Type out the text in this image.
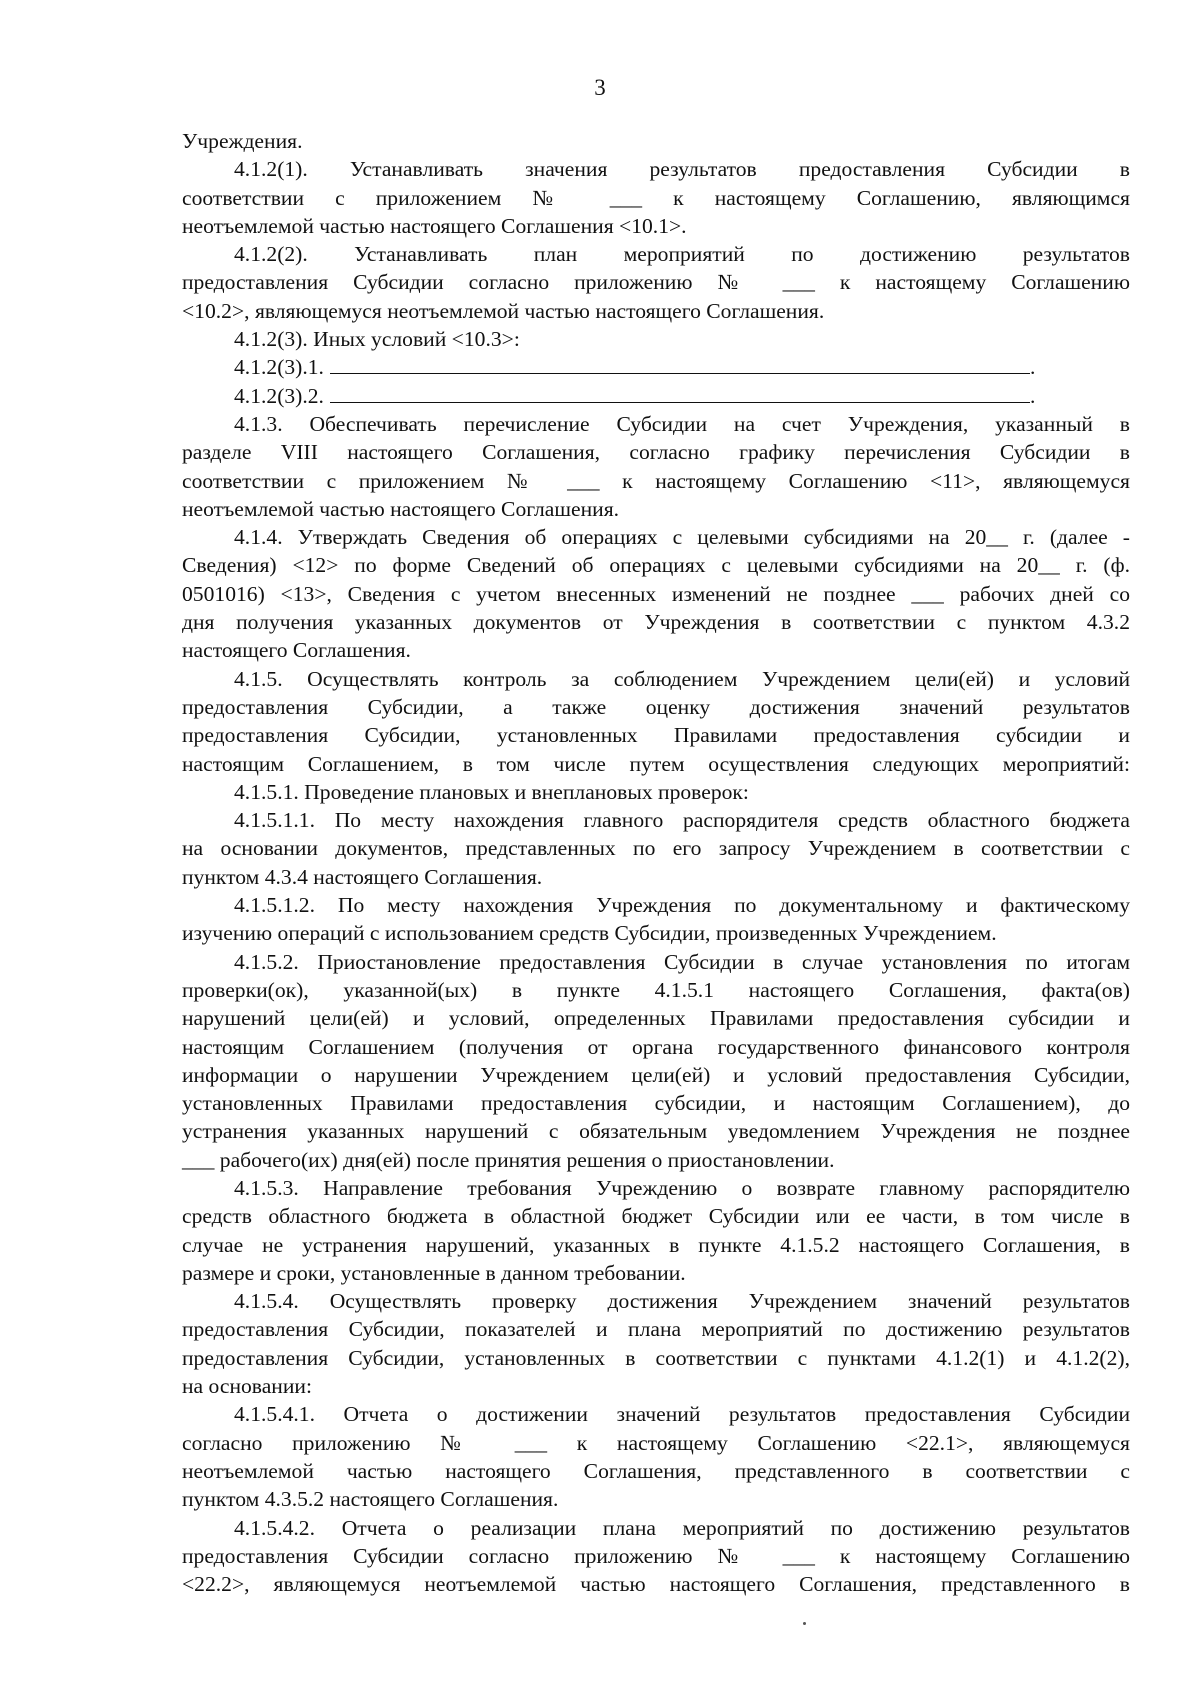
3
Учреждения.
4.1.2(1). Устанавливать значения результатов предоставления Субсидии в
соответствии с приложением № ___ к настоящему Соглашению, являющимся
неотъемлемой частью настоящего Соглашения <10.1>.
4.1.2(2). Устанавливать план мероприятий по достижению результатов
предоставления Субсидии согласно приложению № ___ к настоящему Соглашению
<10.2>, являющемуся неотъемлемой частью настоящего Соглашения.
4.1.2(3). Иных условий <10.3>:
4.1.2(3).1.	.
4.1.2(3).2.	.
4.1.3. Обеспечивать перечисление Субсидии на счет Учреждения, указанный в
разделе VIII настоящего Соглашения, согласно графику перечисления Субсидии в
соответствии с приложением № ___ к настоящему Соглашению <11>, являющемуся
неотъемлемой частью настоящего Соглашения.
4.1.4. Утверждать Сведения об операциях с целевыми субсидиями на 20__ г. (далее -
Сведения) <12> по форме Сведений об операциях с целевыми субсидиями на 20__ г. (ф.
0501016) <13>, Сведения с учетом внесенных изменений не позднее ___ рабочих дней со
дня получения указанных документов от Учреждения в соответствии с пунктом 4.3.2
настоящего Соглашения.
4.1.5. Осуществлять контроль за соблюдением Учреждением цели(ей) и условий
предоставления Субсидии, а также оценку достижения значений результатов
предоставления Субсидии, установленных Правилами предоставления субсидии и
настоящим Соглашением, в том числе путем осуществления следующих мероприятий:
4.1.5.1. Проведение плановых и внеплановых проверок:
4.1.5.1.1. По месту нахождения главного распорядителя средств областного бюджета
на основании документов, представленных по его запросу Учреждением в соответствии с
пунктом 4.3.4 настоящего Соглашения.
4.1.5.1.2. По месту нахождения Учреждения по документальному и фактическому
изучению операций с использованием средств Субсидии, произведенных Учреждением.
4.1.5.2. Приостановление предоставления Субсидии в случае установления по итогам
проверки(ок), указанной(ых) в пункте 4.1.5.1 настоящего Соглашения, факта(ов)
нарушений цели(ей) и условий, определенных Правилами предоставления субсидии и
настоящим Соглашением (получения от органа государственного финансового контроля
информации о нарушении Учреждением цели(ей) и условий предоставления Субсидии,
установленных Правилами предоставления субсидии, и настоящим Соглашением), до
устранения указанных нарушений с обязательным уведомлением Учреждения не позднее
___ рабочего(их) дня(ей) после принятия решения о приостановлении.
4.1.5.3. Направление требования Учреждению о возврате главному распорядителю
средств областного бюджета в областной бюджет Субсидии или ее части, в том числе в
случае не устранения нарушений, указанных в пункте 4.1.5.2 настоящего Соглашения, в
размере и сроки, установленные в данном требовании.
4.1.5.4. Осуществлять проверку достижения Учреждением значений результатов
предоставления Субсидии, показателей и плана мероприятий по достижению результатов
предоставления Субсидии, установленных в соответствии с пунктами 4.1.2(1) и 4.1.2(2),
на основании:
4.1.5.4.1. Отчета о достижении значений результатов предоставления Субсидии
согласно приложению № ___ к настоящему Соглашению <22.1>, являющемуся
неотъемлемой частью настоящего Соглашения, представленного в соответствии с
пунктом 4.3.5.2 настоящего Соглашения.
4.1.5.4.2. Отчета о реализации плана мероприятий по достижению результатов
предоставления Субсидии согласно приложению № ___ к настоящему Соглашению
<22.2>, являющемуся неотъемлемой частью настоящего Соглашения, представленного в
